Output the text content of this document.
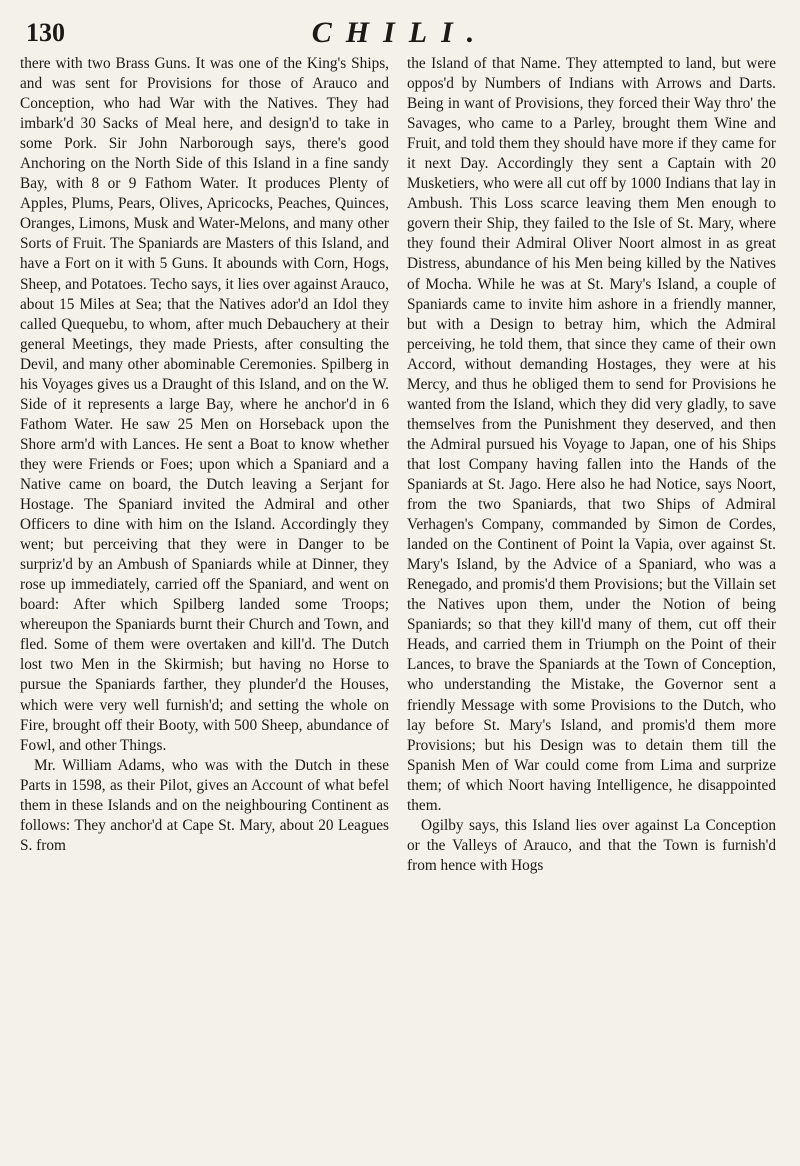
130	CHILI.

there with two Brass Guns. It was one of the King's Ships, and was sent for Provisions for those of Arauco and Conception, who had War with the Natives. They had imbark'd 30 Sacks of Meal here, and design'd to take in some Pork. Sir John Narborough says, there's good Anchoring on the North Side of this Island in a fine sandy Bay, with 8 or 9 Fathom Water. It produces Plenty of Apples, Plums, Pears, Olives, Apricocks, Peaches, Quinces, Oranges, Limons, Musk and Water-Melons, and many other Sorts of Fruit. The Spaniards are Masters of this Island, and have a Fort on it with 5 Guns. It abounds with Corn, Hogs, Sheep, and Potatoes. Techo says, it lies over against Arauco, about 15 Miles at Sea; that the Natives ador'd an Idol they called Quequebu, to whom, after much Debauchery at their general Meetings, they made Priests, after consulting the Devil, and many other abominable Ceremonies. Spilberg in his Voyages gives us a Draught of this Island, and on the W. Side of it represents a large Bay, where he anchor'd in 6 Fathom Water. He saw 25 Men on Horseback upon the Shore arm'd with Lances. He sent a Boat to know whether they were Friends or Foes; upon which a Spaniard and a Native came on board, the Dutch leaving a Serjant for Hostage. The Spaniard invited the Admiral and other Officers to dine with him on the Island. Accordingly they went; but perceiving that they were in Danger to be surpriz'd by an Ambush of Spaniards while at Dinner, they rose up immediately, carried off the Spaniard, and went on board: After which Spilberg landed some Troops; whereupon the Spaniards burnt their Church and Town, and fled. Some of them were overtaken and kill'd. The Dutch lost two Men in the Skirmish; but having no Horse to pursue the Spaniards farther, they plunder'd the Houses, which were very well furnish'd; and setting the whole on Fire, brought off their Booty, with 500 Sheep, abundance of Fowl, and other Things.

Mr. William Adams, who was with the Dutch in these Parts in 1598, as their Pilot, gives an Account of what befel them in these Islands and on the neighbouring Continent as follows: They anchor'd at Cape St. Mary, about 20 Leagues S. from

the Island of that Name. They attempted to land, but were oppos'd by Numbers of Indians with Arrows and Darts. Being in want of Provisions, they forced their Way thro' the Savages, who came to a Parley, brought them Wine and Fruit, and told them they should have more if they came for it next Day. Accordingly they sent a Captain with 20 Musketiers, who were all cut off by 1000 Indians that lay in Ambush. This Loss scarce leaving them Men enough to govern their Ship, they failed to the Isle of St. Mary, where they found their Admiral Oliver Noort almost in as great Distress, abundance of his Men being killed by the Natives of Mocha. While he was at St. Mary's Island, a couple of Spaniards came to invite him ashore in a friendly manner, but with a Design to betray him, which the Admiral perceiving, he told them, that since they came of their own Accord, without demanding Hostages, they were at his Mercy, and thus he obliged them to send for Provisions he wanted from the Island, which they did very gladly, to save themselves from the Punishment they deserved, and then the Admiral pursued his Voyage to Japan, one of his Ships that lost Company having fallen into the Hands of the Spaniards at St. Jago. Here also he had Notice, says Noort, from the two Spaniards, that two Ships of Admiral Verhagen's Company, commanded by Simon de Cordes, landed on the Continent of Point la Vapia, over against St. Mary's Island, by the Advice of a Spaniard, who was a Renegado, and promis'd them Provisions; but the Villain set the Natives upon them, under the Notion of being Spaniards; so that they kill'd many of them, cut off their Heads, and carried them in Triumph on the Point of their Lances, to brave the Spaniards at the Town of Conception, who understanding the Mistake, the Governor sent a friendly Message with some Provisions to the Dutch, who lay before St. Mary's Island, and promis'd them more Provisions; but his Design was to detain them till the Spanish Men of War could come from Lima and surprize them; of which Noort having Intelligence, he disappointed them.

Ogilby says, this Island lies over against La Conception or the Valleys of Arauco, and that the Town is furnish'd from hence with Hogs
